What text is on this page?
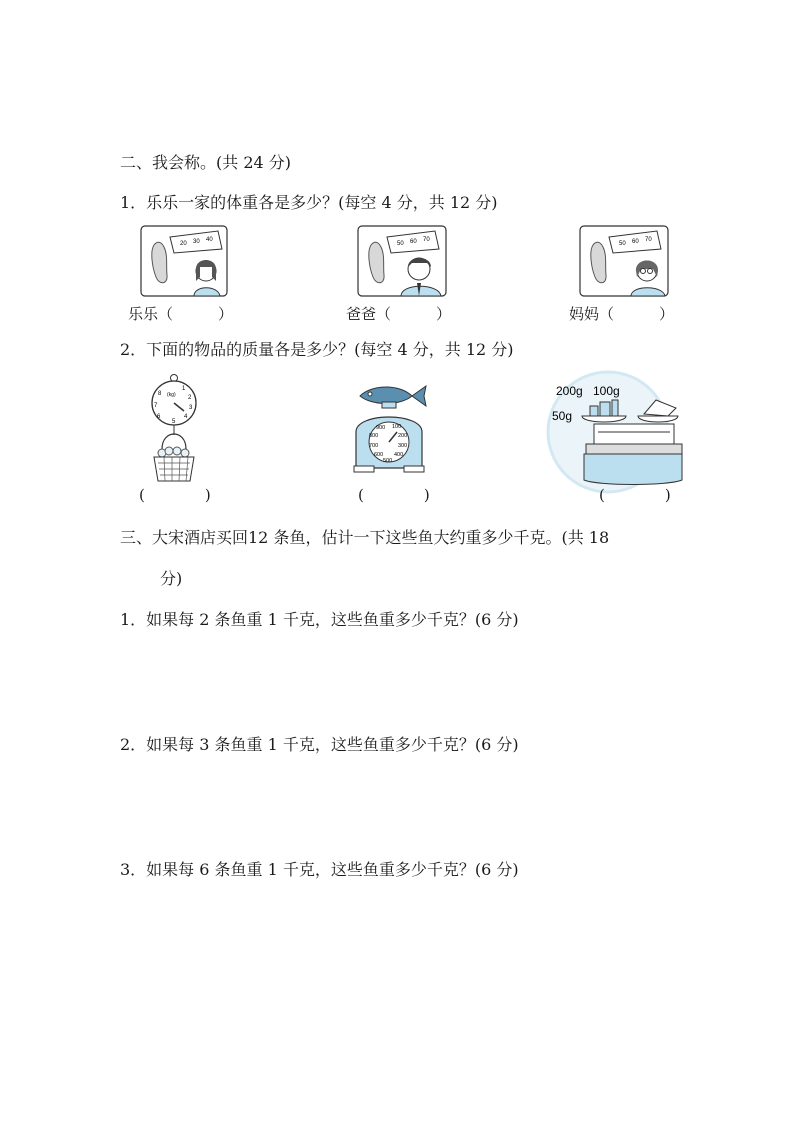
二、我会称。(共 24 分)
1．乐乐一家的体重各是多少？(每空 4 分，共 12 分)
20 30 40
乐乐（　　　）
50 60 70
爸爸（　　　）
50 60 70
妈妈（　　　）
2．下面的物品的质量各是多少？(每空 4 分，共 12 分)
(kg)
1
2
3
4
5
6
7
8
(　　　　)
900 100
800	200
700	300
600 400
500
(　　　　)
200g 100g
50g
(　　　　)
三、大宋酒店买回12 条鱼，估计一下这些鱼大约重多少千克。(共 18
分)
1．如果每 2 条鱼重 1 千克，这些鱼重多少千克？(6 分)
2．如果每 3 条鱼重 1 千克，这些鱼重多少千克？(6 分)
3．如果每 6 条鱼重 1 千克，这些鱼重多少千克？(6 分)
